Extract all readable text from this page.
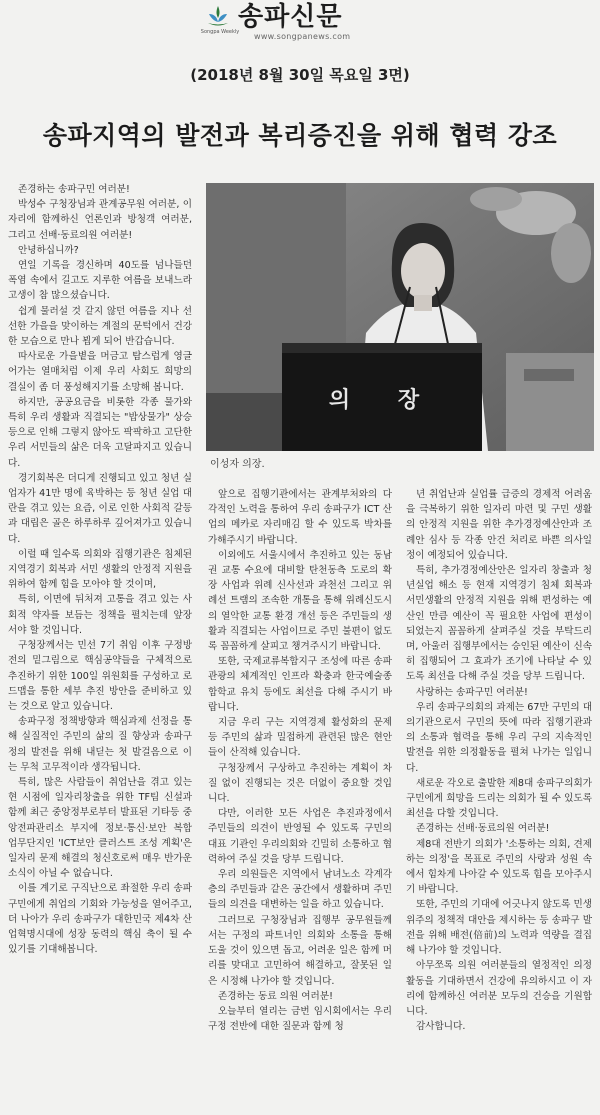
Songpa Weekly
송파신문
www.songpanews.com
(2018년 8월 30일 목요일 3면)
송파지역의 발전과 복리증진을 위해 협력 강조
의 장
이성자 의장.

존경하는 송파구민 여러분!

박성수 구청장님과 관계공무원 여러분, 이 자리에 함께하신 언론인과 방청객 여러분, 그리고 선배·동료의원 여러분!

안녕하십니까?

연일 기록을 경신하며 40도를 넘나들던 폭염 속에서 길고도 지루한 여름을 보내느라 고생이 참 많으셨습니다.

쉽게 물러설 것 같지 않던 여름을 지나 선선한 가을을 맞이하는 계절의 문턱에서 건강한 모습으로 만나 뵙게 되어 반갑습니다.

따사로운 가을볕을 머금고 탐스럽게 영글어가는 열매처럼 이제 우리 사회도 희망의 결실이 좀 더 풍성해지기를 소망해 봅니다.

하지만, 공공요금을 비롯한 각종 물가와 특히 우리 생활과 직결되는 "밥상물가" 상승 등으로 인해 그렇지 않아도 팍팍하고 고단한 우리 서민들의 삶은 더욱 고달파지고 있습니다.

경기회복은 더디게 진행되고 있고 청년 실업자가 41만 명에 육박하는 등 청년 실업 대란을 겪고 있는 요즘, 이로 인한 사회적 갈등과 대립은 골은 하루하루 깊어져가고 있습니다.

이럴 때 일수록 의회와 집행기관은 침체된 지역경기 회복과 서민 생활의 안정적 지원을 위하여 함께 힘을 모아야 할 것이며,

특히, 이면에 뒤처져 고통을 겪고 있는 사회적 약자를 보듬는 정책을 펼치는데 앞장 서야 할 것입니다.

구청장께서는 민선 7기 취임 이후 구정방전의 밑그림으로 핵심공약들을 구체적으로 추진하기 위한 100일 위원회를 구성하고 로드맵을 통한 세부 추진 방안을 준비하고 있는 것으로 알고 있습니다.

송파구정 정책방향과 핵심과제 선정을 통해 실질적인 주민의 삶의 질 향상과 송파구정의 발전을 위해 내딛는 첫 발걸음으로 이는 무척 고무적이라 생각됩니다.

특히, 많은 사람들이 취업난을 겪고 있는 현 시점에 일자리창출을 위한 TF팀 신설과 함께 최근 중앙정부로부터 발표된 기타등 중앙전파관리소 부지에 정보·통신·보안 복합 업무단지인 'ICT보안 클러스트 조성 계획'은 일자리 문제 해결의 청신호로써 매우 반가운 소식이 아닐 수 없습니다.

이를 계기로 구직난으로 좌절한 우리 송파구민에게 취업의 기회와 가능성을 열어주고, 더 나아가 우리 송파구가 대한민국 제4차 산업혁명시대에 성장 동력의 핵심 축이 될 수 있기를 기대해봅니다.

앞으로 집행기관에서는 관계부처와의 다각적인 노력을 통하여 우리 송파구가 ICT 산업의 메카로 자리매김 할 수 있도록 박차를 가해주시기 바랍니다.

이외에도 서울시에서 추진하고 있는 동남권 교통 수요에 대비할 탄천동측 도로의 확장 사업과 위례 신사선과 과천선 그리고 위례선 트램의 조속한 개통을 통해 위례신도시의 열악한 교통 환경 개선 등은 주민들의 생활과 직결되는 사업이므로 주민 불편이 없도록 꼼꼼하게 살피고 챙겨주시기 바랍니다.

또한, 국제교류복합지구 조성에 따른 송파 관광의 체계적인 인프라 확충과 한국예술종합학교 유치 등에도 최선을 다해 주시기 바랍니다.

지금 우리 구는 지역경제 활성화의 문제 등 주민의 삶과 밀접하게 관련된 많은 현안들이 산적해 있습니다.

구청장께서 구상하고 추진하는 계획이 차질 없이 진행되는 것은 더없이 중요할 것입니다.

다만, 이러한 모든 사업은 추진과정에서 주민들의 의견이 반영될 수 있도록 구민의 대표 기관인 우리의회와 긴밀히 소통하고 협력하여 주실 것을 당부 드립니다.

우리 의원들은 지역에서 남녀노소 각계각층의 주민들과 같은 공간에서 생활하며 주민들의 의견을 대변하는 일을 하고 있습니다.

그러므로 구청장님과 집행부 공무원들께서는 구정의 파트너인 의회와 소통을 통해 도울 것이 있으면 돕고, 어려운 일은 함께 머리를 맞대고 고민하여 해결하고, 잘못된 일은 시정해 나가야 할 것입니다.

존경하는 동료 의원 여러분!

오늘부터 열리는 금번 임시회에서는 우리구정 전반에 대한 질문과 함께 청

년 취업난과 실업률 급증의 경제적 어려움을 극복하기 위한 일자리 마련 및 구민 생활의 안정적 지원을 위한 추가경정예산안과 조례안 심사 등 각종 안건 처리로 바쁜 의사일정이 예정되어 있습니다.

특히, 추가경정예산안은 일자리 창출과 청년실업 해소 등 현재 지역경기 침체 회복과 서민생활의 안정적 지원을 위해 편성하는 예산인 만큼 예산이 꼭 필요한 사업에 편성이 되었는지 꼼꼼하게 살펴주실 것을 부탁드리며, 아울러 집행부에서는 승인된 예산이 신속히 집행되어 그 효과가 조기에 나타날 수 있도록 최선을 다해 주실 것을 당부 드립니다.

사랑하는 송파구민 여러분!

우리 송파구의회의 과제는 67만 구민의 대의기관으로서 구민의 뜻에 따라 집행기관과의 소통과 협력을 통해 우리 구의 지속적인 발전을 위한 의정활동을 펼쳐 나가는 일입니다.

새로운 각오로 출발한 제8대 송파구의회가 구민에게 희망을 드리는 의회가 될 수 있도록 최선을 다할 것입니다.

존경하는 선배·동료의원 여러분!

제8대 전반기 의회가 '소통하는 의회, 견제하는 의정'을 목표로 주민의 사랑과 성원 속에서 힘차게 나아갈 수 있도록 힘을 모아주시기 바랍니다.

또한, 주민의 기대에 어긋나지 않도록 민생 위주의 정책적 대안을 제시하는 등 송파구 발전을 위해 배전(倍前)의 노력과 역량을 결집해 나가야 할 것입니다.

아무쪼록 의원 여러분들의 열정적인 의정활동을 기대하면서 건강에 유의하시고 이 자리에 함께하신 여러분 모두의 건승을 기원합니다.

감사합니다.
